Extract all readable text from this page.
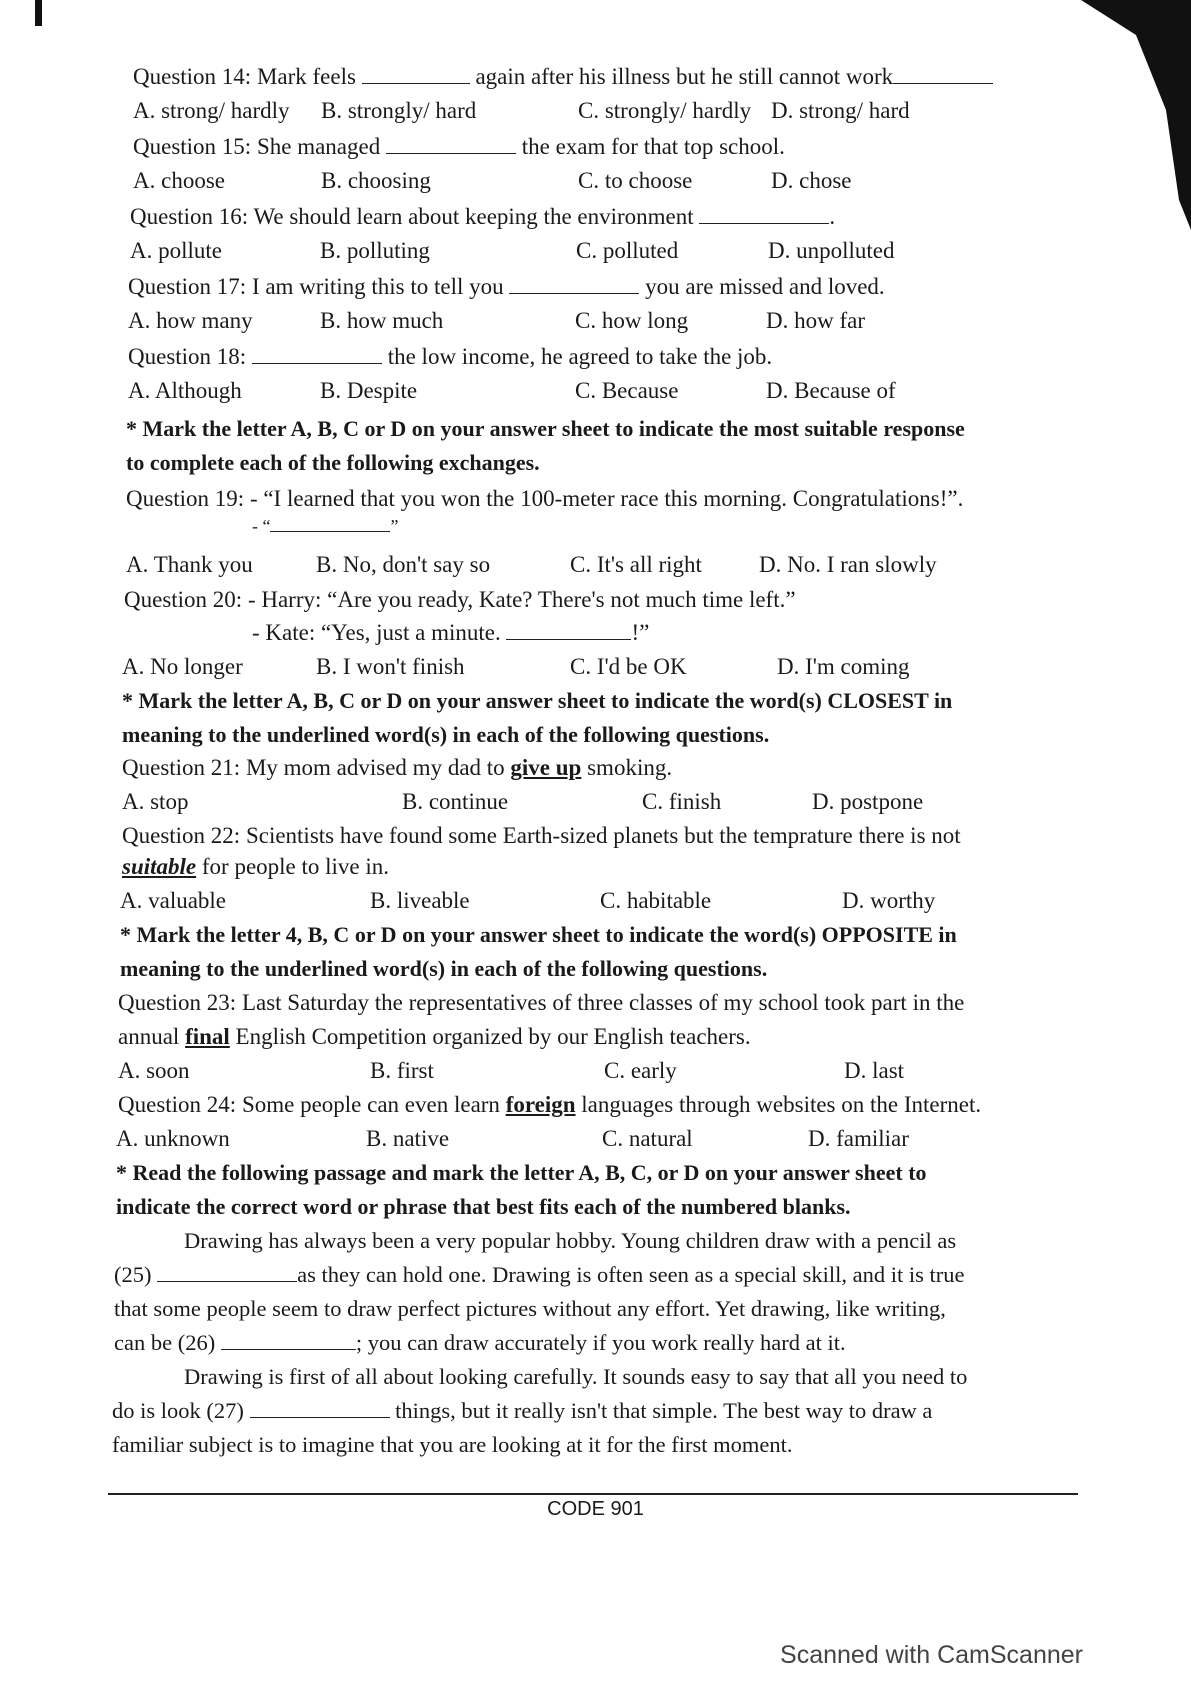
Question 14: Mark feels	again after his illness but he still cannot work
A. strong/ hardly B. strongly/ hard	C. strongly/ hardly D. strong/ hard
Question 15: She managed	the exam for that top school.
A. choose	B. choosing	C. to choose	D. chose
Question 16: We should learn about keeping the environment	.
A. pollute	B. polluting	C. polluted	D. unpolluted
Question 17: I am writing this to tell you	you are missed and loved.
A. how many	B. how much	C. how long	D. how far
Question 18:	the low income, he agreed to take the job.
A. Although	B. Despite	C. Because	D. Because of
* Mark the letter A, B, C or D on your answer sheet to indicate the most suitable response
to complete each of the following exchanges.
Question 19: - “I learned that you won the 100-meter race this morning. Congratulations!”.
- “	”
A. Thank you	B. No, don't say so	C. It's all right D. No. I ran slowly
Question 20: - Harry: “Are you ready, Kate? There's not much time left.”
- Kate: “Yes, just a minute.	!”
A. No longer	B. I won't finish	C. I'd be OK	D. I'm coming
* Mark the letter A, B, C or D on your answer sheet to indicate the word(s) CLOSEST in
meaning to the underlined word(s) in each of the following questions.
Question 21: My mom advised my dad to give up smoking.
A. stop	B. continue	C. finish	D. postpone
Question 22: Scientists have found some Earth-sized planets but the temprature there is not
suitable for people to live in.
A. valuable	B. liveable	C. habitable	D. worthy
* Mark the letter 4, B, C or D on your answer sheet to indicate the word(s) OPPOSITE in
meaning to the underlined word(s) in each of the following questions.
Question 23: Last Saturday the representatives of three classes of my school took part in the
annual final English Competition organized by our English teachers.
A. soon	B. first	C. early	D. last
Question 24: Some people can even learn foreign languages through websites on the Internet.
A. unknown	B. native	C. natural	D. familiar
* Read the following passage and mark the letter A, B, C, or D on your answer sheet to
indicate the correct word or phrase that best fits each of the numbered blanks.
Drawing has always been a very popular hobby. Young children draw with a pencil as
(25)	as they can hold one. Drawing is often seen as a special skill, and it is true
that some people seem to draw perfect pictures without any effort. Yet drawing, like writing,
can be (26)	; you can draw accurately if you work really hard at it.
Drawing is first of all about looking carefully. It sounds easy to say that all you need to
do is look (27)	things, but it really isn't that simple. The best way to draw a
familiar subject is to imagine that you are looking at it for the first moment.
CODE 901
Scanned with CamScanner
